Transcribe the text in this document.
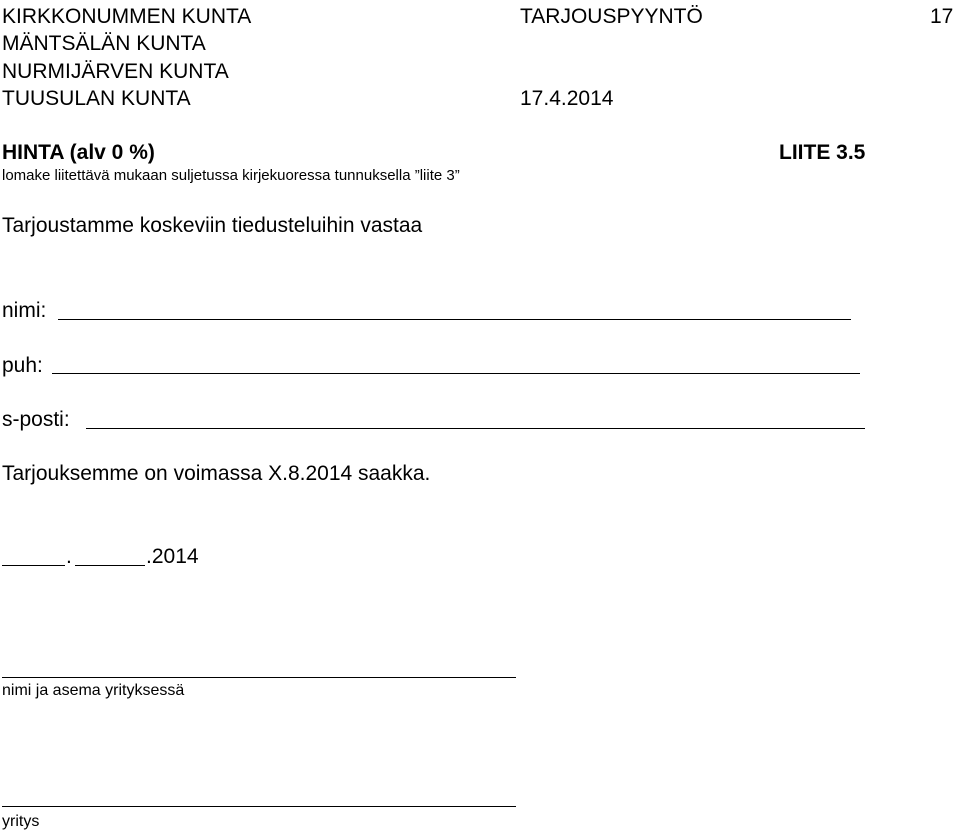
KIRKKONUMMEN KUNTA	TARJOUSPYYNTÖ	17
MÄNTSÄLÄN KUNTA
NURMIJÄRVEN KUNTA
TUUSULAN KUNTA	17.4.2014
HINTA (alv 0 %)	LIITE 3.5
lomake liitettävä mukaan suljetussa kirjekuoressa tunnuksella ”liite 3”
Tarjoustamme koskeviin tiedusteluihin vastaa
nimi:
puh:
s-posti:
Tarjouksemme on voimassa X.8.2014 saakka.
.	.2014
nimi ja asema yrityksessä
yritys
